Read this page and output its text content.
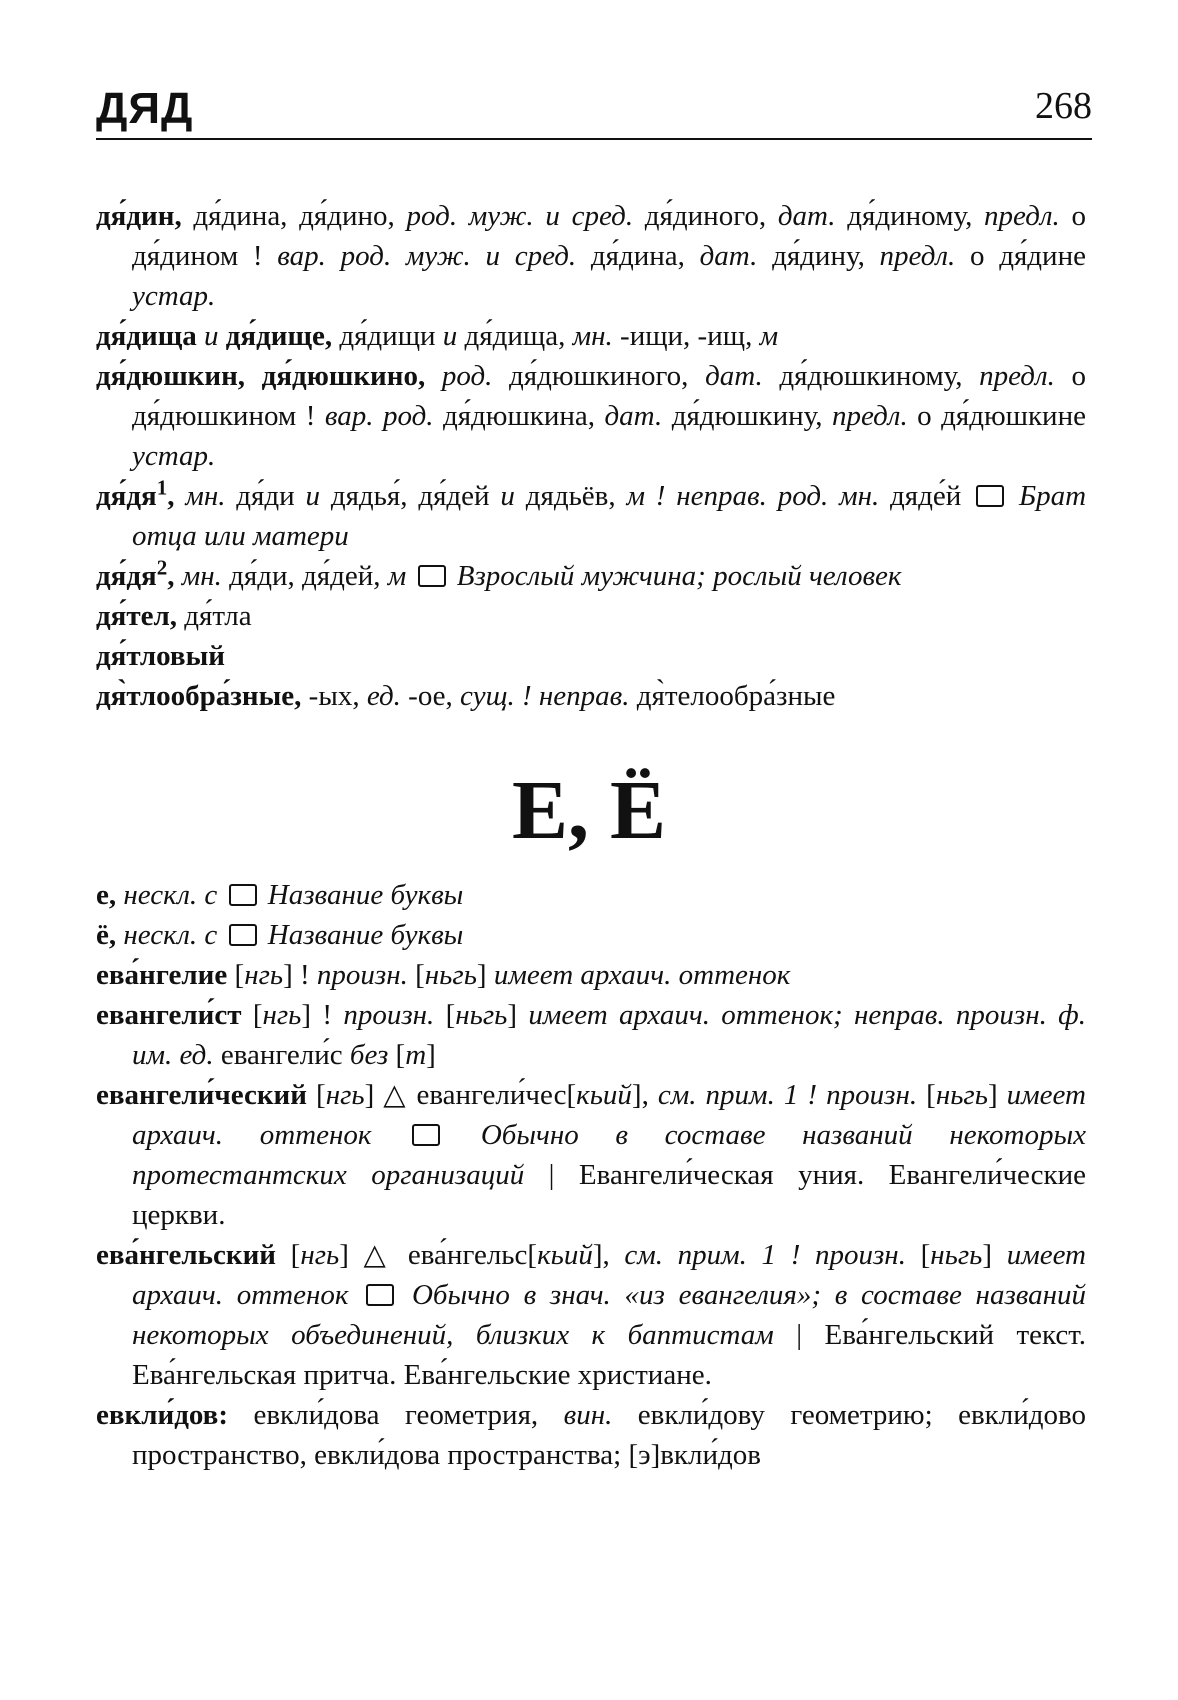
ДЯД	268

дя́дин, дя́дина, дя́дино, род. муж. и сред. дя́диного, дат. дя́диному, предл. о дя́дином ! вар. род. муж. и сред. дя́дина, дат. дя́дину, предл. о дя́дине устар.

дя́дища и дя́дище, дя́дищи и дя́дища, мн. -ищи, -ищ, м

дя́дюшкин, дя́дюшкино, род. дя́дюшкиного, дат. дя́дюшкиному, предл. о дя́дюшкином ! вар. род. дя́дюшкина, дат. дя́дюшкину, предл. о дя́дюшкине устар.

$дя́дя^1$, мн. дя́ди и дядья́, дя́дей и дядьёв, м ! неправ. род. мн. дяде́й  Брат отца или матери

$дя́дя^2$, мн. дя́ди, дя́дей, м Взрослый мужчина; рослый человек

дя́тел, дя́тла

дя́тловый

дя̀тлообра́зные, -ых, ед. -ое, сущ. ! неправ. дя̀телообра́зные

Е, Ё

е, нескл. с Название буквы

ё, нескл. с Название буквы

ева́нгелие [нгь] ! произн. [ньгь] имеет архаич. оттенок

евангели́ст [нгь] ! произн. [ньгь] имеет архаич. оттенок; неправ. произн. ф. им. ед. евангели́с без [т]

евангели́ческий [нгь] △ евангели́чес[кьий], см. прим. 1 ! произн. [ньгь] имеет архаич. оттенок	Обычно в составе названий некоторых протестантских организаций | Евангели́ческая уния. Евангели́ческие церкви.

ева́нгельский [нгь] △ ева́нгельс[кьий], см. прим. 1 ! произн. [ньгь] имеет архаич. оттенок Обычно в знач. «из евангелия»; в составе названий некоторых объединений, близких к баптистам | Ева́нгельский текст. Ева́нгельская притча. Ева́нгельские христиане.

евкли́дов: евкли́дова геометрия, вин. евкли́дову геометрию; евкли́дово пространство, евкли́дова пространства; [э]вкли́дов
